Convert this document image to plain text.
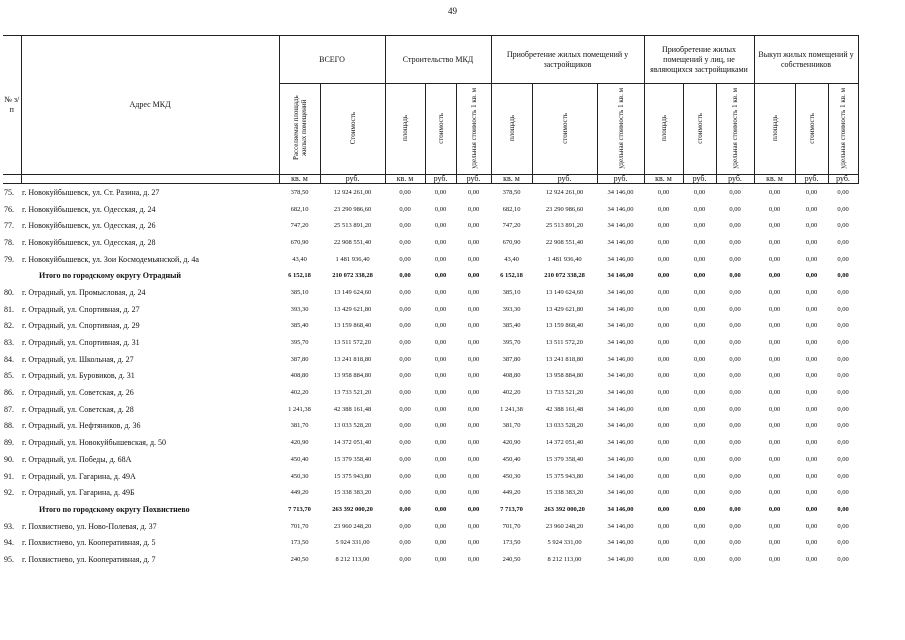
49
№ з/п	Адрес МКД	ВСЕГО		Строительство МКД			Приобретение жилых помещений у застройщиков			Приобретение жилых помещений у лиц, не являющихся застройщиками			Выкуп жилых помещений у собственников		
		Расселяемая площадь жилых помещений	Стоимость	площадь	стоимость	удельная стоимость 1 кв. м	площадь	стоимость	удельная стоимость 1 кв. м	площадь	стоимость	удельная стоимость 1 кв. м	площадь	стоимость	удельная стоимость 1 кв. м
		кв. м	руб.	кв. м	руб.	руб.	кв. м	руб.	руб.	кв. м	руб.	руб.	кв. м	руб.	руб.
75.	г. Новокуйбышевск, ул. Ст. Разина, д. 27	378,50	12 924 261,00	0,00	0,00	0,00	378,50	12 924 261,00	34 146,00	0,00	0,00	0,00	0,00	0,00	0,00
76.	г. Новокуйбышевск, ул. Одесская, д. 24	682,10	23 290 986,60	0,00	0,00	0,00	682,10	23 290 986,60	34 146,00	0,00	0,00	0,00	0,00	0,00	0,00
77.	г. Новокуйбышевск, ул. Одесская, д. 26	747,20	25 513 891,20	0,00	0,00	0,00	747,20	25 513 891,20	34 146,00	0,00	0,00	0,00	0,00	0,00	0,00
78.	г. Новокуйбышевск, ул. Одесская, д. 28	670,90	22 908 551,40	0,00	0,00	0,00	670,90	22 908 551,40	34 146,00	0,00	0,00	0,00	0,00	0,00	0,00
79.	г. Новокуйбышевск, ул. Зои Космодемьянской, д. 4а	43,40	1 481 936,40	0,00	0,00	0,00	43,40	1 481 936,40	34 146,00	0,00	0,00	0,00	0,00	0,00	0,00
	Итого по городскому округу Отрадный	6 152,18	210 072 338,28	0,00	0,00	0,00	6 152,18	210 072 338,28	34 146,00	0,00	0,00	0,00	0,00	0,00	0,00
80.	г. Отрадный, ул. Промысловая, д. 24	385,10	13 149 624,60	0,00	0,00	0,00	385,10	13 149 624,60	34 146,00	0,00	0,00	0,00	0,00	0,00	0,00
81.	г. Отрадный, ул. Спортивная, д. 27	393,30	13 429 621,80	0,00	0,00	0,00	393,30	13 429 621,80	34 146,00	0,00	0,00	0,00	0,00	0,00	0,00
82.	г. Отрадный, ул. Спортивная, д. 29	385,40	13 159 868,40	0,00	0,00	0,00	385,40	13 159 868,40	34 146,00	0,00	0,00	0,00	0,00	0,00	0,00
83.	г. Отрадный, ул. Спортивная, д. 31	395,70	13 511 572,20	0,00	0,00	0,00	395,70	13 511 572,20	34 146,00	0,00	0,00	0,00	0,00	0,00	0,00
84.	г. Отрадный, ул. Школьная, д. 27	387,80	13 241 818,80	0,00	0,00	0,00	387,80	13 241 818,80	34 146,00	0,00	0,00	0,00	0,00	0,00	0,00
85.	г. Отрадный, ул. Буровиков, д. 31	408,80	13 958 884,80	0,00	0,00	0,00	408,80	13 958 884,80	34 146,00	0,00	0,00	0,00	0,00	0,00	0,00
86.	г. Отрадный, ул. Советская, д. 26	402,20	13 733 521,20	0,00	0,00	0,00	402,20	13 733 521,20	34 146,00	0,00	0,00	0,00	0,00	0,00	0,00
87.	г. Отрадный, ул. Советская, д. 28	1 241,38	42 388 161,48	0,00	0,00	0,00	1 241,38	42 388 161,48	34 146,00	0,00	0,00	0,00	0,00	0,00	0,00
88.	г. Отрадный, ул. Нефтяников, д. 36	381,70	13 033 528,20	0,00	0,00	0,00	381,70	13 033 528,20	34 146,00	0,00	0,00	0,00	0,00	0,00	0,00
89.	г. Отрадный, ул. Новокуйбышевская, д. 50	420,90	14 372 051,40	0,00	0,00	0,00	420,90	14 372 051,40	34 146,00	0,00	0,00	0,00	0,00	0,00	0,00
90.	г. Отрадный, ул. Победы, д. 68А	450,40	15 379 358,40	0,00	0,00	0,00	450,40	15 379 358,40	34 146,00	0,00	0,00	0,00	0,00	0,00	0,00
91.	г. Отрадный, ул. Гагарина, д. 49А	450,30	15 375 943,80	0,00	0,00	0,00	450,30	15 375 943,80	34 146,00	0,00	0,00	0,00	0,00	0,00	0,00
92.	г. Отрадный, ул. Гагарина, д. 49Б	449,20	15 338 383,20	0,00	0,00	0,00	449,20	15 338 383,20	34 146,00	0,00	0,00	0,00	0,00	0,00	0,00
	Итого по городскому округу Похвистнево	7 713,70	263 392 000,20	0,00	0,00	0,00	7 713,70	263 392 000,20	34 146,00	0,00	0,00	0,00	0,00	0,00	0,00
93.	г. Похвистнево, ул. Ново-Полевая, д. 37	701,70	23 960 248,20	0,00	0,00	0,00	701,70	23 960 248,20	34 146,00	0,00	0,00	0,00	0,00	0,00	0,00
94.	г. Похвистнево, ул. Кооперативная, д. 5	173,50	5 924 331,00	0,00	0,00	0,00	173,50	5 924 331,00	34 146,00	0,00	0,00	0,00	0,00	0,00	0,00
95.	г. Похвистнево, ул. Кооперативная, д. 7	240,50	8 212 113,00	0,00	0,00	0,00	240,50	8 212 113,00	34 146,00	0,00	0,00	0,00	0,00	0,00	0,00
